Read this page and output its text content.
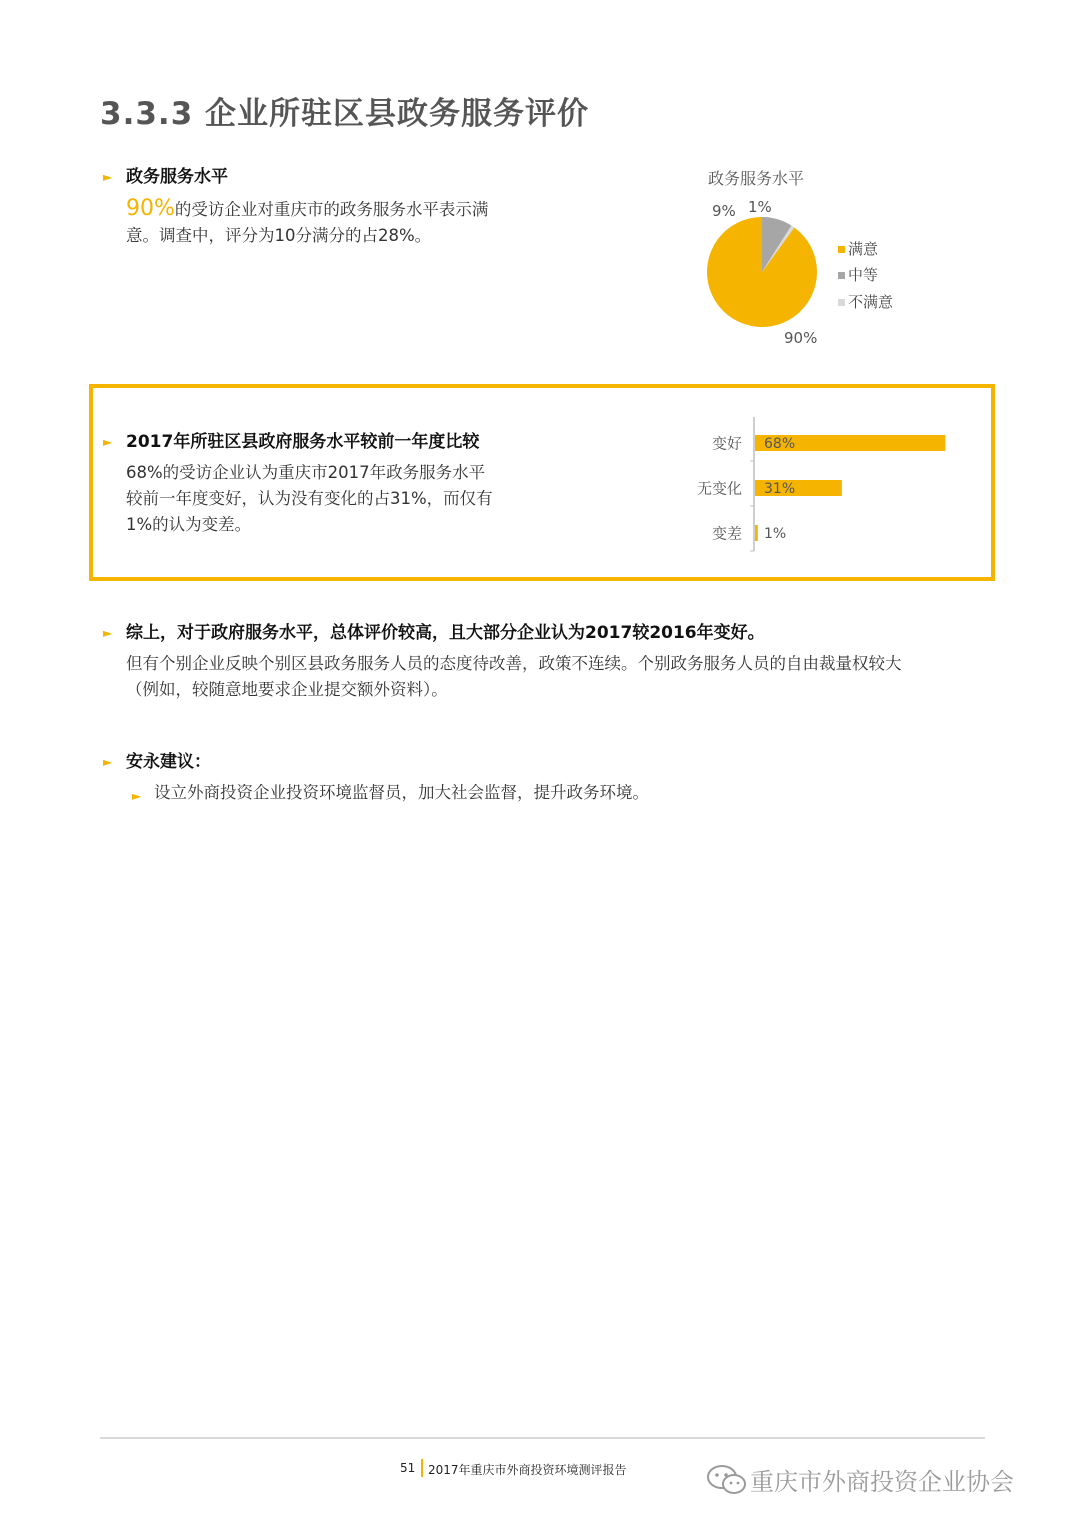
3.3.3 企业所驻区县政务服务评价
► 政务服务水平
90%的受访企业对重庆市的政务服务水平表示满
意。调查中，评分为10分满分的占28%。
政务服务水平
9% 1%
90%
满意
中等
不满意
► 2017年所驻区县政府服务水平较前一年度比较
68%的受访企业认为重庆市2017年政务服务水平
较前一年度变好，认为没有变化的占31%，而仅有
1%的认为变差。
变好 68%
无变化 31%
变差 1%
► 综上，对于政府服务水平，总体评价较高，且大部分企业认为2017较2016年变好。
但有个别企业反映个别区县政务服务人员的态度待改善，政策不连续。个别政务服务人员的自由裁量权较大
（例如，较随意地要求企业提交额外资料）。
► 安永建议：
► 设立外商投资企业投资环境监督员，加大社会监督，提升政务环境。
51 2017年重庆市外商投资环境测评报告	重庆市外商投资企业协会
